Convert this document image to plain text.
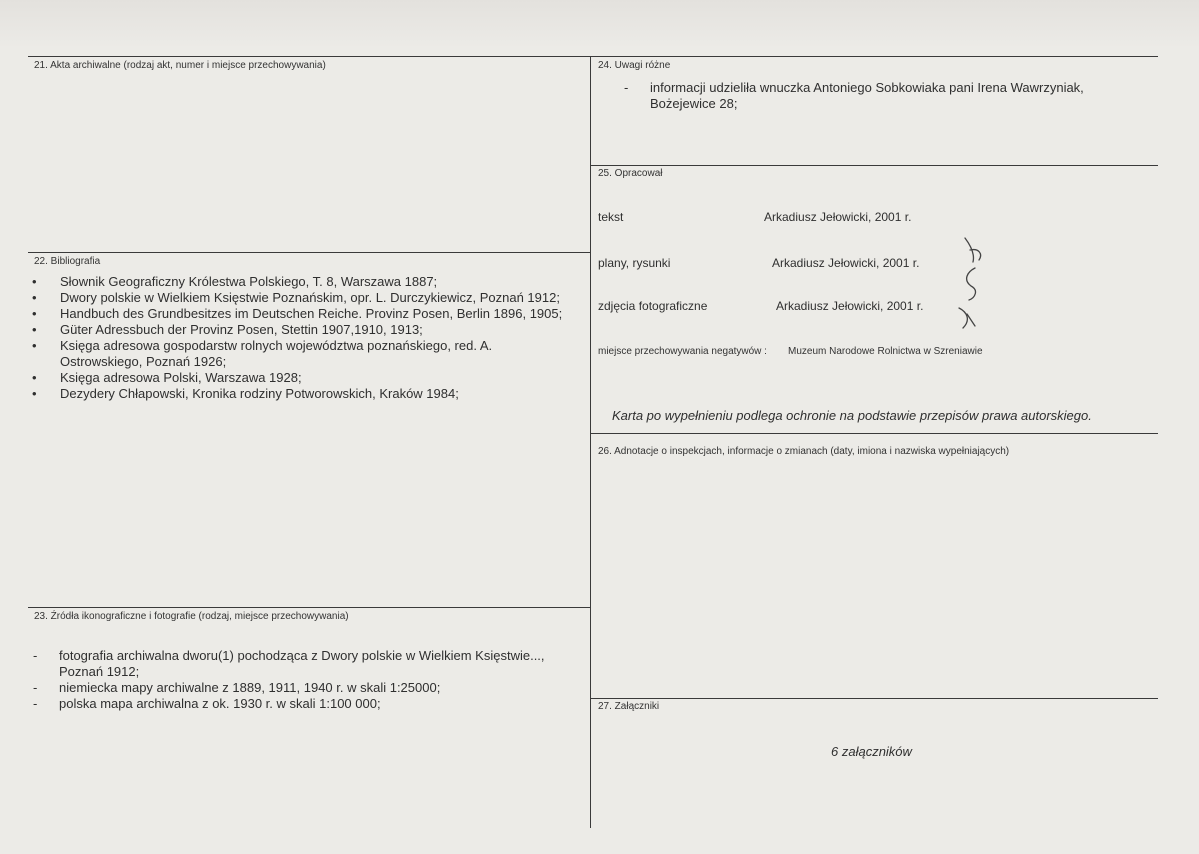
21. Akta archiwalne (rodzaj akt, numer i miejsce przechowywania)
22. Bibliografia
• Słownik Geograficzny Królestwa Polskiego, T. 8, Warszawa 1887;
• Dwory polskie w Wielkiem Księstwie Poznańskim, opr. L. Durczykiewicz, Poznań 1912;
• Handbuch des Grundbesitzes im Deutschen Reiche. Provinz Posen, Berlin 1896, 1905;
• Güter Adressbuch der Provinz Posen, Stettin 1907,1910, 1913;
• Księga adresowa gospodarstw rolnych województwa poznańskiego, red. A. Ostrowskiego, Poznań 1926;
• Księga adresowa Polski, Warszawa 1928;
• Dezydery Chłapowski, Kronika rodziny Potworowskich, Kraków 1984;
23. Źródła ikonograficzne i fotografie (rodzaj, miejsce przechowywania)
- fotografia archiwalna dworu(1) pochodząca z Dwory polskie w Wielkiem Księstwie..., Poznań 1912;
- niemiecka mapy archiwalne z 1889, 1911, 1940 r. w skali 1:25000;
- polska mapa archiwalna z ok. 1930 r. w skali 1:100 000;
24. Uwagi różne
- informacji udzieliła wnuczka Antoniego Sobkowiaka pani Irena Wawrzyniak, Bożejewice 28;
25. Opracował
tekst	Arkadiusz Jełowicki, 2001 r.
plany, rysunki	Arkadiusz Jełowicki, 2001 r.
zdjęcia fotograficzne	Arkadiusz Jełowicki, 2001 r.
miejsce przechowywania negatywów : Muzeum Narodowe Rolnictwa w Szreniawie
Karta po wypełnieniu podlega ochronie na podstawie przepisów prawa autorskiego.
26. Adnotacje o inspekcjach, informacje o zmianach (daty, imiona i nazwiska wypełniających)
27. Załączniki
6 załączników
